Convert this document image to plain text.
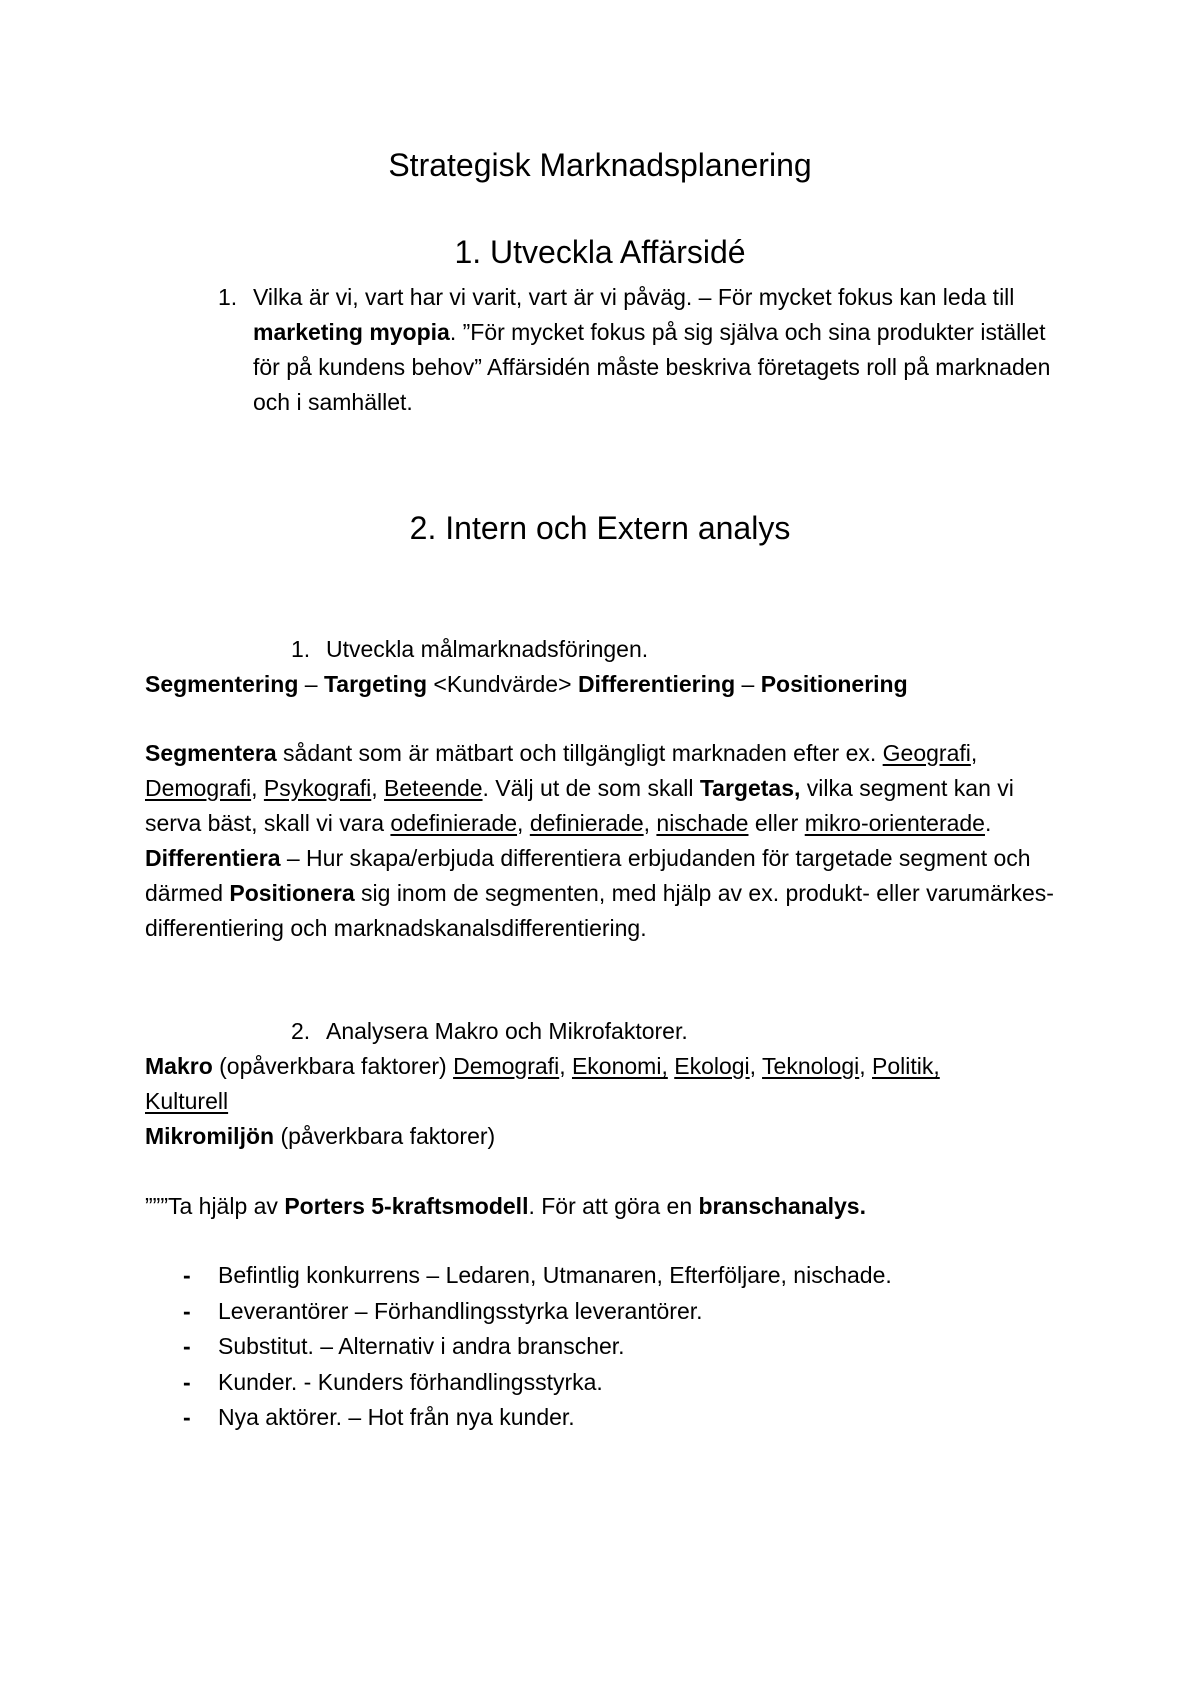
Strategisk Marknadsplanering
1. Utveckla Affärsidé
1. Vilka är vi, vart har vi varit, vart är vi påväg. – För mycket fokus kan leda till marketing myopia. ”För mycket fokus på sig själva och sina produkter istället för på kundens behov” Affärsidén måste beskriva företagets roll på marknaden och i samhället.
2. Intern och Extern analys
1. Utveckla målmarknadsföringen.
Segmentering – Targeting <Kundvärde> Differentiering – Positionering
Segmentera sådant som är mätbart och tillgängligt marknaden efter ex. Geografi, Demografi, Psykografi, Beteende. Välj ut de som skall Targetas, vilka segment kan vi serva bäst, skall vi vara odefinierade, definierade, nischade eller mikro-orienterade. Differentiera – Hur skapa/erbjuda differentiera erbjudanden för targetade segment och därmed Positionera sig inom de segmenten, med hjälp av ex. produkt- eller varumärkes-differentiering och marknadskanalsdifferentiering.
2. Analysera Makro och Mikrofaktorer.
Makro (opåverkbara faktorer) Demografi, Ekonomi, Ekologi, Teknologi, Politik,
Kulturell
Mikromiljön (påverkbara faktorer)
”””Ta hjälp av Porters 5-kraftsmodell. För att göra en branschanalys.
- Befintlig konkurrens – Ledaren, Utmanaren, Efterföljare, nischade.
- Leverantörer – Förhandlingsstyrka leverantörer.
- Substitut. – Alternativ i andra branscher.
- Kunder. - Kunders förhandlingsstyrka.
- Nya aktörer. – Hot från nya kunder.
